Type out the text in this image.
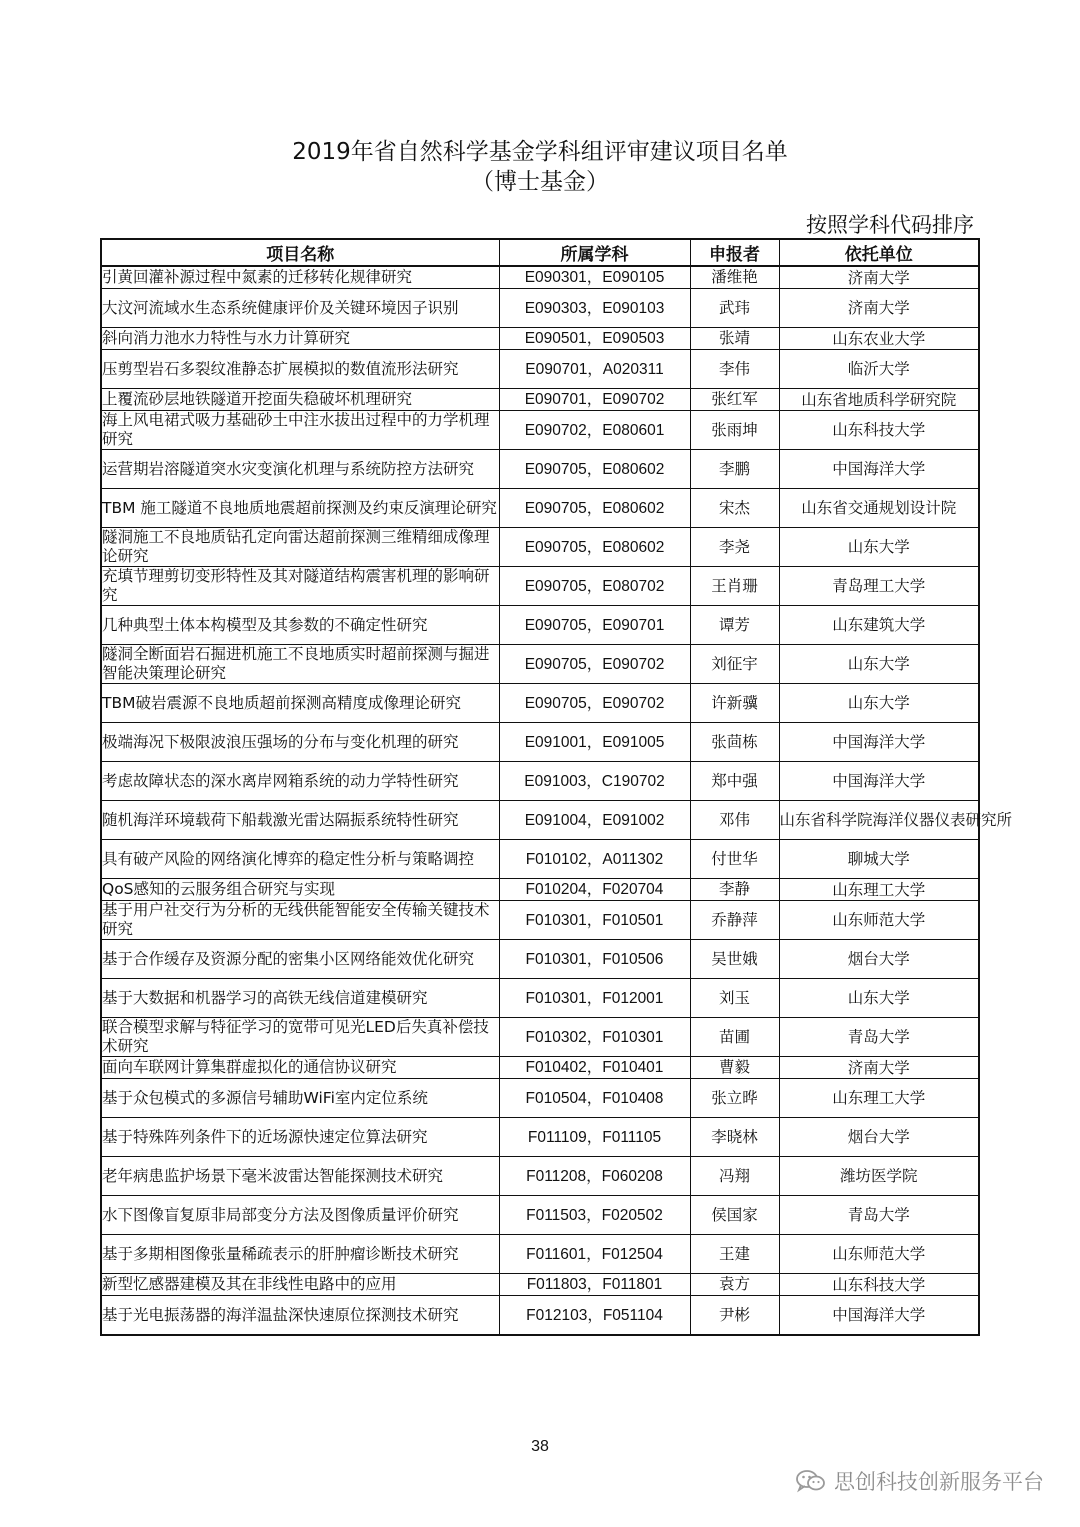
2019年省自然科学基金学科组评审建议项目名单
（博士基金）
按照学科代码排序
项目名称	所属学科	申报者	依托单位

引黄回灌补源过程中氮素的迁移转化规律研究	E090301，E090105	潘维艳	济南大学

大汶河流域水生态系统健康评价及关键环境因子识别	E090303，E090103	武玮	济南大学

斜向消力池水力特性与水力计算研究	E090501，E090503	张靖	山东农业大学

压剪型岩石多裂纹准静态扩展模拟的数值流形法研究	E090701，A020311	李伟	临沂大学

上覆流砂层地铁隧道开挖面失稳破坏机理研究	E090701，E090702	张红军	山东省地质科学研究院

海上风电裙式吸力基础砂土中注水拔出过程中的力学机理研究	E090702，E080601	张雨坤	山东科技大学

运营期岩溶隧道突水灾变演化机理与系统防控方法研究	E090705，E080602	李鹏	中国海洋大学

TBM 施工隧道不良地质地震超前探测及约束反演理论研究	E090705，E080602	宋杰	山东省交通规划设计院

隧洞施工不良地质钻孔定向雷达超前探测三维精细成像理论研究	E090705，E080602	李尧	山东大学

充填节理剪切变形特性及其对隧道结构震害机理的影响研究	E090705，E080702	王肖珊	青岛理工大学

几种典型土体本构模型及其参数的不确定性研究	E090705，E090701	谭芳	山东建筑大学

隧洞全断面岩石掘进机施工不良地质实时超前探测与掘进智能决策理论研究	E090705，E090702	刘征宇	山东大学

TBM破岩震源不良地质超前探测高精度成像理论研究	E090705，E090702	许新骥	山东大学

极端海况下极限波浪压强场的分布与变化机理的研究	E091001，E091005	张茴栋	中国海洋大学

考虑故障状态的深水离岸网箱系统的动力学特性研究	E091003，C190702	郑中强	中国海洋大学

随机海洋环境载荷下船载激光雷达隔振系统特性研究	E091004，E091002	邓伟	山东省科学院海洋仪器仪表研究所

具有破产风险的网络演化博弈的稳定性分析与策略调控	F010102，A011302	付世华	聊城大学

QoS感知的云服务组合研究与实现	F010204，F020704	李静	山东理工大学

基于用户社交行为分析的无线供能智能安全传输关键技术研究	F010301，F010501	乔静萍	山东师范大学

基于合作缓存及资源分配的密集小区网络能效优化研究	F010301，F010506	吴世娥	烟台大学

基于大数据和机器学习的高铁无线信道建模研究	F010301，F012001	刘玉	山东大学

联合模型求解与特征学习的宽带可见光LED后失真补偿技术研究	F010302，F010301	苗圃	青岛大学

面向车联网计算集群虚拟化的通信协议研究	F010402，F010401	曹毅	济南大学

基于众包模式的多源信号辅助WiFi室内定位系统	F010504，F010408	张立晔	山东理工大学

基于特殊阵列条件下的近场源快速定位算法研究	F011109，F011105	李晓林	烟台大学

老年病患监护场景下毫米波雷达智能探测技术研究	F011208，F060208	冯翔	潍坊医学院

水下图像盲复原非局部变分方法及图像质量评价研究	F011503，F020502	侯国家	青岛大学

基于多期相图像张量稀疏表示的肝肿瘤诊断技术研究	F011601，F012504	王建	山东师范大学

新型忆感器建模及其在非线性电路中的应用	F011803，F011801	袁方	山东科技大学

基于光电振荡器的海洋温盐深快速原位探测技术研究	F012103，F051104	尹彬	中国海洋大学
38
思创科技创新服务平台
